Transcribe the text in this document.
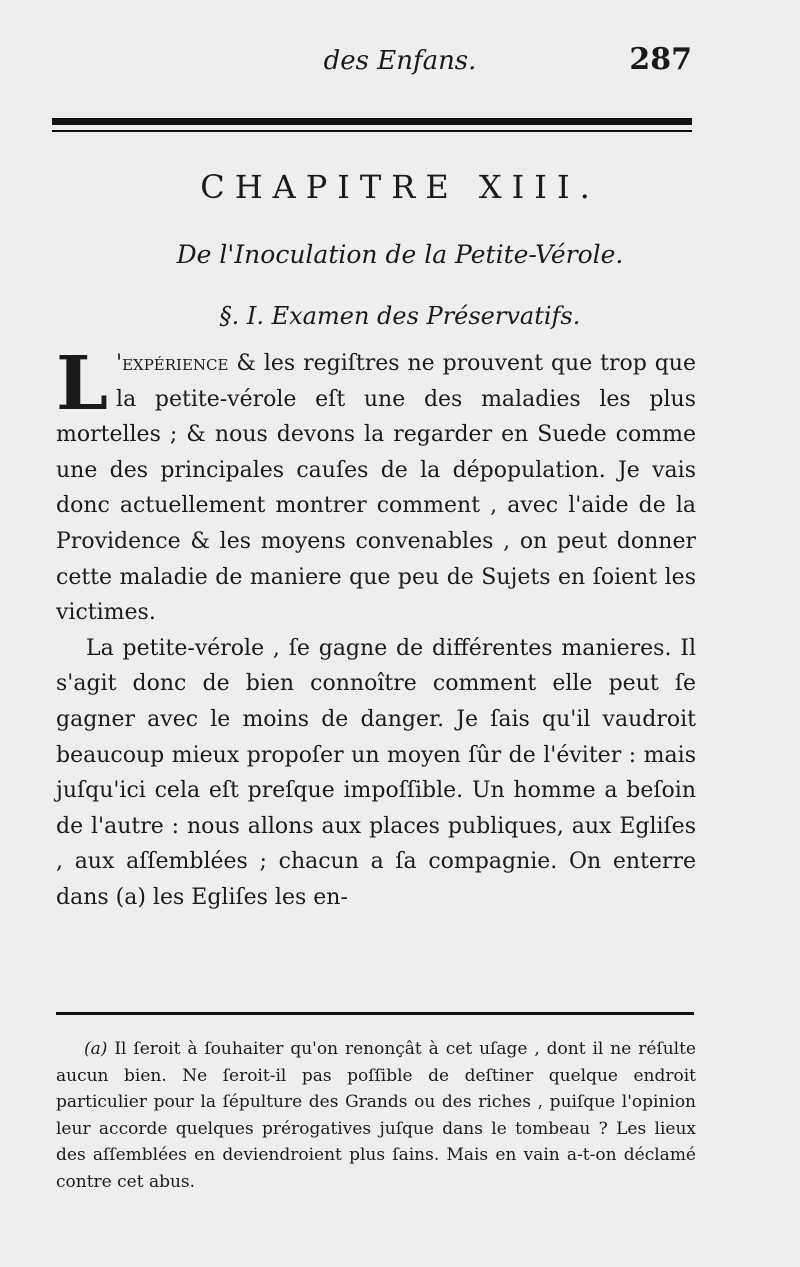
des Enfans.	287
CHAPITRE XIII.
De l'Inoculation de la Petite-Vérole.
§. I. Examen des Préservatifs.

L 'expérience & les regiſtres ne prouvent que trop que la petite-vérole eſt une des maladies les plus mortelles ; & nous devons la regarder en Suede comme une des principales cauſes de la dépopulation. Je vais donc actuellement montrer comment , avec l'aide de la Providence & les moyens convenables , on peut donner cette maladie de maniere que peu de Sujets en ſoient les victimes.

La petite-vérole , ſe gagne de différentes manieres. Il s'agit donc de bien connoître comment elle peut ſe gagner avec le moins de danger. Je ſais qu'il vaudroit beaucoup mieux propoſer un moyen ſûr de l'éviter : mais juſqu'ici cela eſt preſque impoſſible. Un homme a beſoin de l'autre : nous allons aux places publiques, aux Egliſes , aux aſſemblées ; chacun a ſa compagnie. On enterre dans (a) les Egliſes les en-

(a) Il ſeroit à ſouhaiter qu'on renonçât à cet uſage , dont il ne réſulte aucun bien. Ne ſeroit-il pas poſſible de deſtiner quelque endroit particulier pour la ſépulture des Grands ou des riches , puiſque l'opinion leur accorde quelques prérogatives juſque dans le tombeau ? Les lieux des aſſemblées en deviendroient plus ſains. Mais en vain a-t-on déclamé contre cet abus.
